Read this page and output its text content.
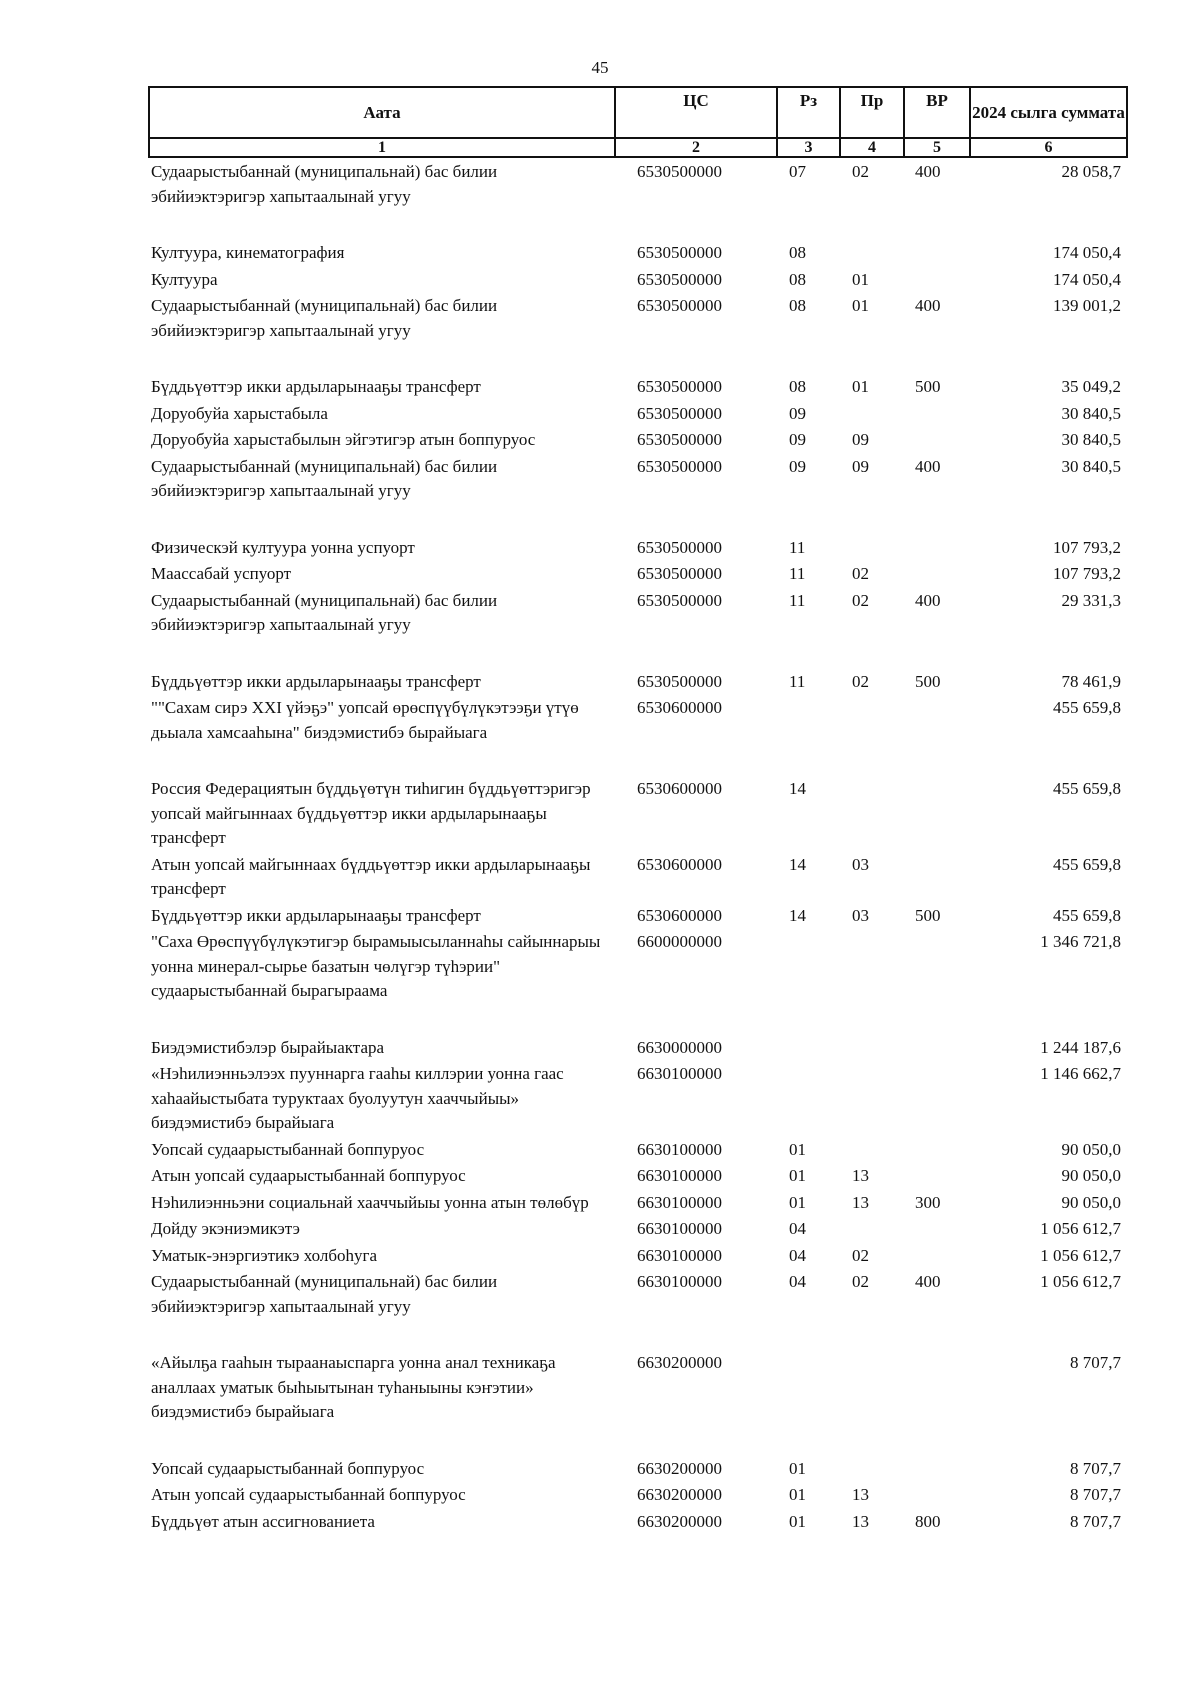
45
Аата	ЦС	Рз	Пр	ВР	2024 сылга суммата
1	2	3	4	5	6
Судаарыстыбаннай (муниципальнай) бас билии эбийиэктэригэр хапытаалынай угуу	6530500000	07	02	400	28 058,7
Култуура, кинематография	6530500000	08			174 050,4
Култуура	6530500000	08	01		174 050,4
Судаарыстыбаннай (муниципальнай) бас билии эбийиэктэригэр хапытаалынай угуу	6530500000	08	01	400	139 001,2
Бүддьүөттэр икки ардыларынааҕы трансферт	6530500000	08	01	500	35 049,2
Доруобуйа харыстабыла	6530500000	09			30 840,5
Доруобуйа харыстабылын эйгэтигэр атын боппуруос	6530500000	09	09		30 840,5
Судаарыстыбаннай (муниципальнай) бас билии эбийиэктэригэр хапытаалынай угуу	6530500000	09	09	400	30 840,5
Физическэй култуура уонна успуорт	6530500000	11			107 793,2
Маассабай успуорт	6530500000	11	02		107 793,2
Судаарыстыбаннай (муниципальнай) бас билии эбийиэктэригэр хапытаалынай угуу	6530500000	11	02	400	29 331,3
Бүддьүөттэр икки ардыларынааҕы трансферт	6530500000	11	02	500	78 461,9
""Сахам сирэ XXI үйэҕэ" уопсай өрөспүүбүлүкэтээҕи үтүө дьыала хамсааһына" биэдэмистибэ бырайыага	6530600000				455 659,8
Россия Федерациятын бүддьүөтүн тиһигин бүддьүөттэригэр уопсай майгыннаах бүддьүөттэр икки ардыларынааҕы трансферт	6530600000	14			455 659,8
Атын уопсай майгыннаах бүддьүөттэр икки ардыларынааҕы трансферт	6530600000	14	03		455 659,8
Бүддьүөттэр икки ардыларынааҕы трансферт	6530600000	14	03	500	455 659,8
"Саха Өрөспүүбүлүкэтигэр бырамыысыланнаһы сайыннарыы уонна минерал-сырье базатын чөлүгэр түһэрии" судаарыстыбаннай бырагыраама	6600000000				1 346 721,8
Биэдэмистибэлэр бырайыактара	6630000000				1 244 187,6
«Нэһилиэнньэлээх пууннарга гааһы киллэрии уонна гаас хаһаайыстыбата туруктаах буолуутун хааччыйыы» биэдэмистибэ бырайыага	6630100000				1 146 662,7
Уопсай судаарыстыбаннай боппуруос	6630100000	01			90 050,0
Атын уопсай судаарыстыбаннай боппуруос	6630100000	01	13		90 050,0
Нэһилиэнньэни социальнай хааччыйыы уонна атын төлөбүр	6630100000	01	13	300	90 050,0
Дойду экэниэмикэтэ	6630100000	04			1 056 612,7
Уматык-энэргиэтикэ холбоһуга	6630100000	04	02		1 056 612,7
Судаарыстыбаннай (муниципальнай) бас билии эбийиэктэригэр хапытаалынай угуу	6630100000	04	02	400	1 056 612,7
«Айылҕа гааһын тыраанаыспарга уонна анал техникаҕа аналлаах уматык быһыытынан туһаныыны кэҥэтии» биэдэмистибэ бырайыага	6630200000				8 707,7
Уопсай судаарыстыбаннай боппуруос	6630200000	01			8 707,7
Атын уопсай судаарыстыбаннай боппуруос	6630200000	01	13		8 707,7
Бүддьүөт атын ассигнованиета	6630200000	01	13	800	8 707,7
